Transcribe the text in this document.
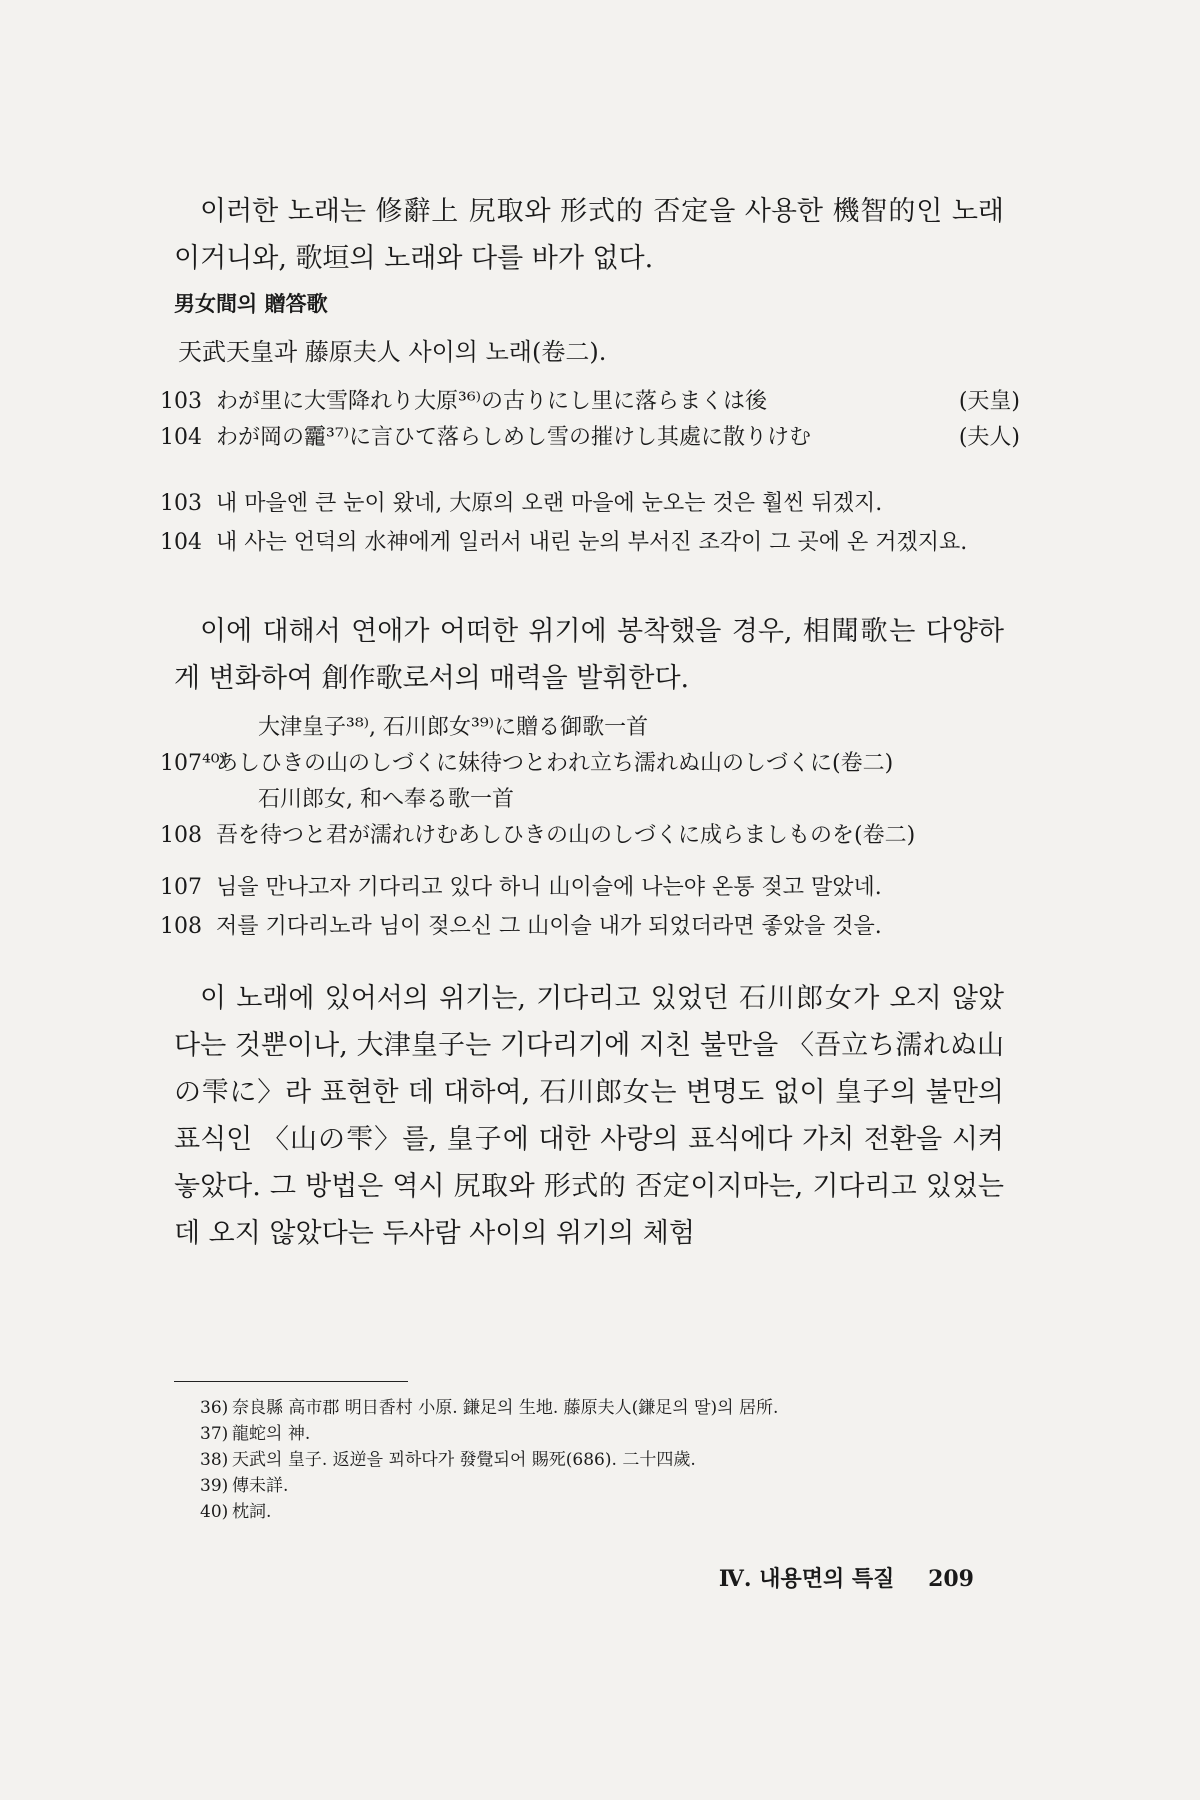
이러한 노래는 修辭上 尻取와 形式的 否定을 사용한 機智的인 노래이거니와, 歌垣의 노래와 다를 바가 없다.

男女間의 贈答歌
天武天皇과 藤原夫人 사이의 노래(卷二).
103 わが里に大雪降れり大原³⁶⁾の古りにし里に落らまくは後	(天皇)
104 わが岡の龗³⁷⁾に言ひて落らしめし雪の摧けし其處に散りけむ	(夫人)
103 내 마을엔 큰 눈이 왔네, 大原의 오랜 마을에 눈오는 것은 훨씬 뒤겠지.
104 내 사는 언덕의 水神에게 일러서 내린 눈의 부서진 조각이 그 곳에 온 거겠지요.

이에 대해서 연애가 어떠한 위기에 봉착했을 경우, 相聞歌는 다양하게 변화하여 創作歌로서의 매력을 발휘한다.

大津皇子³⁸⁾, 石川郎女³⁹⁾に贈る御歌一首
107⁴⁰⁾
あしひきの山のしづくに妹待つとわれ立ち濡れぬ山のしづくに(卷二)
石川郎女, 和へ奉る歌一首
108 吾を待つと君が濡れけむあしひきの山のしづくに成らましものを(卷二)
107 님을 만나고자 기다리고 있다 하니 山이슬에 나는야 온통 젖고 말았네.
108 저를 기다리노라 님이 젖으신 그 山이슬 내가 되었더라면 좋았을 것을.

이 노래에 있어서의 위기는, 기다리고 있었던 石川郎女가 오지 않았다는 것뿐이나, 大津皇子는 기다리기에 지친 불만을 〈吾立ち濡れぬ山の雫に〉라 표현한 데 대하여, 石川郎女는 변명도 없이 皇子의 불만의 표식인 〈山の雫〉를, 皇子에 대한 사랑의 표식에다 가치 전환을 시켜 놓았다. 그 방법은 역시 尻取와 形式的 否定이지마는, 기다리고 있었는데 오지 않았다는 두사람 사이의 위기의 체험

36) 奈良縣 高市郡 明日香村 小原. 鎌足의 生地. 藤原夫人(鎌足의 딸)의 居所.
37) 龍蛇의 神.
38) 天武의 皇子. 返逆을 꾀하다가 發覺되어 賜死(686). 二十四歲.
39) 傳未詳.
40) 枕詞.
Ⅳ. 내용면의 특질 209
